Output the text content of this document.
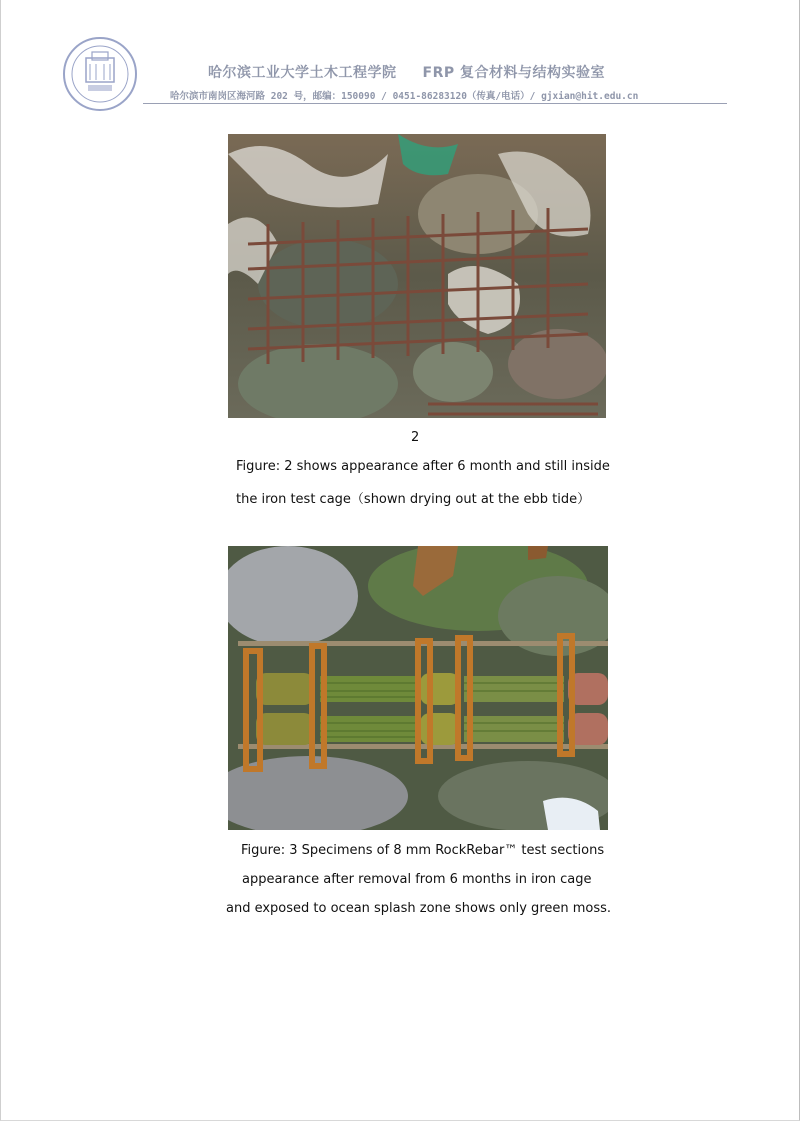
哈尔滨工业大学土木工程学院 FRP 复合材料与结构实验室
哈尔滨市南岗区海河路 202 号，邮编：150090 / 0451-86283120（传真/电话）/ gjxian@hit.edu.cn
2
Figure: 2 shows appearance after 6 month and still inside
the iron test cage（shown drying out at the ebb tide）
Figure: 3 Specimens of 8 mm RockRebar™ test sections
appearance after removal from 6 months in iron cage
and exposed to ocean splash zone shows only green moss.
